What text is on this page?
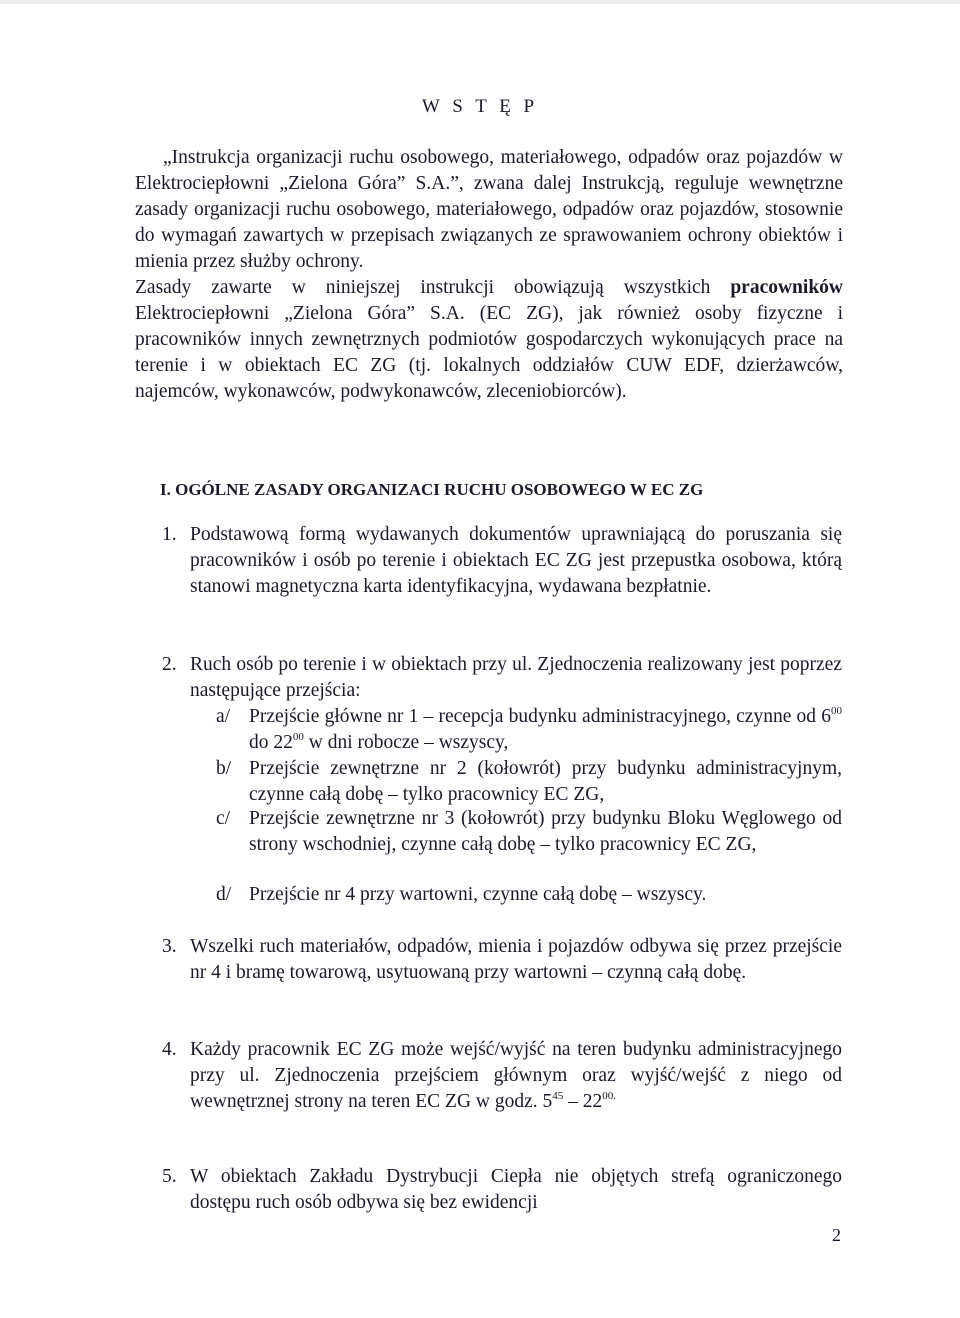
W S T Ę P

„Instrukcja organizacji ruchu osobowego, materiałowego, odpadów oraz pojazdów w Elektrociepłowni „Zielona Góra” S.A.”, zwana dalej Instrukcją, reguluje wewnętrzne zasady organizacji ruchu osobowego, materiałowego, odpadów oraz pojazdów, stosownie do wymagań zawartych w przepisach związanych ze sprawowaniem ochrony obiektów i mienia przez służby ochrony.

Zasady zawarte w niniejszej instrukcji obowiązują wszystkich pracowników Elektrociepłowni „Zielona Góra” S.A. (EC ZG), jak również osoby fizyczne i pracowników innych zewnętrznych podmiotów gospodarczych wykonujących prace na terenie i w obiektach EC ZG (tj. lokalnych oddziałów CUW EDF, dzierżawców, najemców, wykonawców, podwykonawców, zleceniobiorców).

I. OGÓLNE ZASADY ORGANIZACI RUCHU OSOBOWEGO W EC ZG
1. Podstawową formą wydawanych dokumentów uprawniającą do poruszania się pracowników i osób po terenie i obiektach EC ZG jest przepustka osobowa, którą stanowi magnetyczna karta identyfikacyjna, wydawana bezpłatnie.
2. Ruch osób po terenie i w obiektach przy ul. Zjednoczenia realizowany jest poprzez następujące przejścia:
a/ Przejście główne nr 1 – recepcja budynku administracyjnego, czynne od $6^{00}$ do $22^{00}$ w dni robocze – wszyscy,
b/ Przejście zewnętrzne nr 2 (kołowrót) przy budynku administracyjnym, czynne całą dobę – tylko pracownicy EC ZG,
c/ Przejście zewnętrzne nr 3 (kołowrót) przy budynku Bloku Węglowego od strony wschodniej, czynne całą dobę – tylko pracownicy EC ZG,
d/ Przejście nr 4 przy wartowni, czynne całą dobę – wszyscy.
3. Wszelki ruch materiałów, odpadów, mienia i pojazdów odbywa się przez przejście nr 4 i bramę towarową, usytuowaną przy wartowni – czynną całą dobę.
4. Każdy pracownik EC ZG może wejść/wyjść na teren budynku administracyjnego przy ul. Zjednoczenia przejściem głównym oraz wyjść/wejść z niego od wewnętrznej strony na teren EC ZG w godz. $5^{45} - 22^{00.}$
5. W obiektach Zakładu Dystrybucji Ciepła nie objętych strefą ograniczonego dostępu ruch osób odbywa się bez ewidencji
2
